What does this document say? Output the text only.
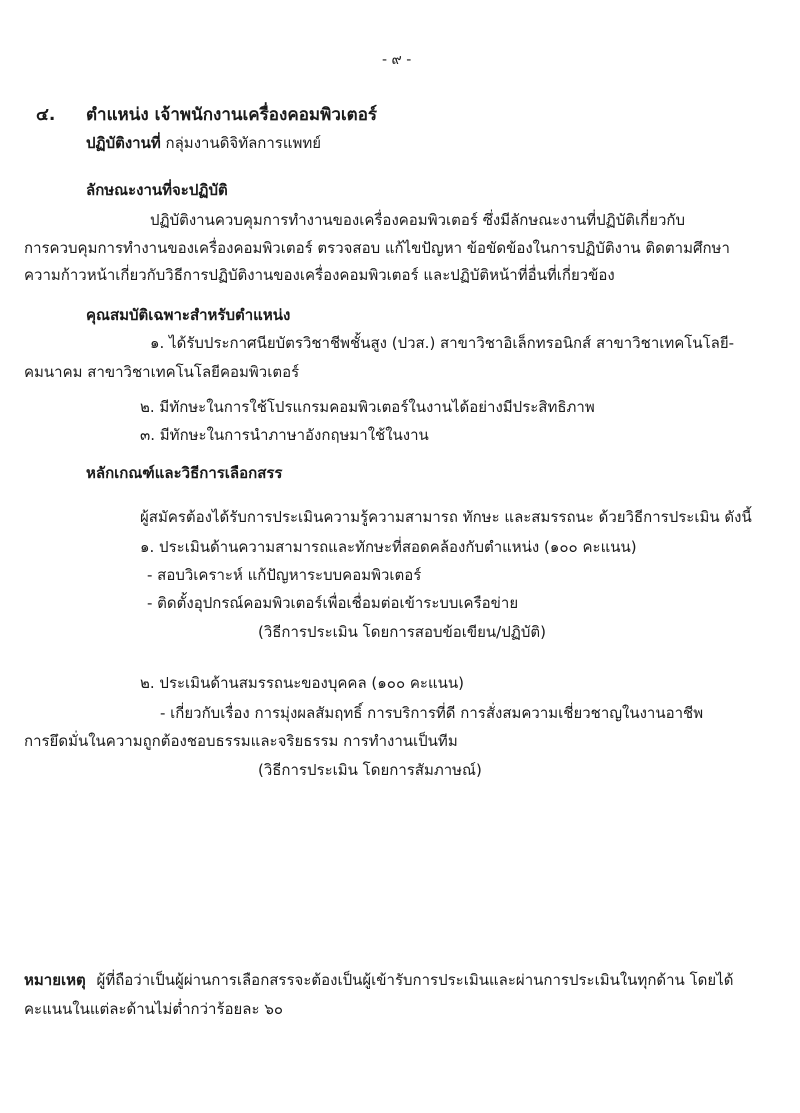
- ๙ -
๔. ตำแหน่ง เจ้าพนักงานเครื่องคอมพิวเตอร์
ปฏิบัติงานที่ กลุ่มงานดิจิทัลการแพทย์
ลักษณะงานที่จะปฏิบัติ
ปฏิบัติงานควบคุมการทำงานของเครื่องคอมพิวเตอร์ ซึ่งมีลักษณะงานที่ปฏิบัติเกี่ยวกับ
การควบคุมการทำงานของเครื่องคอมพิวเตอร์ ตรวจสอบ แก้ไขปัญหา ข้อขัดข้องในการปฏิบัติงาน ติดตามศึกษา
ความก้าวหน้าเกี่ยวกับวิธีการปฏิบัติงานของเครื่องคอมพิวเตอร์ และปฏิบัติหน้าที่อื่นที่เกี่ยวข้อง
คุณสมบัติเฉพาะสำหรับตำแหน่ง
๑. ได้รับประกาศนียบัตรวิชาชีพชั้นสูง (ปวส.) สาขาวิชาอิเล็กทรอนิกส์ สาขาวิชาเทคโนโลยี-
คมนาคม สาขาวิชาเทคโนโลยีคอมพิวเตอร์
๒. มีทักษะในการใช้โปรแกรมคอมพิวเตอร์ในงานได้อย่างมีประสิทธิภาพ
๓. มีทักษะในการนำภาษาอังกฤษมาใช้ในงาน
หลักเกณฑ์และวิธีการเลือกสรร
ผู้สมัครต้องได้รับการประเมินความรู้ความสามารถ ทักษะ และสมรรถนะ ด้วยวิธีการประเมิน ดังนี้
๑. ประเมินด้านความสามารถและทักษะที่สอดคล้องกับตำแหน่ง (๑๐๐ คะแนน)
- สอบวิเคราะห์ แก้ปัญหาระบบคอมพิวเตอร์
- ติดตั้งอุปกรณ์คอมพิวเตอร์เพื่อเชื่อมต่อเข้าระบบเครือข่าย
(วิธีการประเมิน โดยการสอบข้อเขียน/ปฏิบัติ)
๒. ประเมินด้านสมรรถนะของบุคคล (๑๐๐ คะแนน)
- เกี่ยวกับเรื่อง การมุ่งผลสัมฤทธิ์ การบริการที่ดี การสั่งสมความเชี่ยวชาญในงานอาชีพ
การยึดมั่นในความถูกต้องชอบธรรมและจริยธรรม การทำงานเป็นทีม
(วิธีการประเมิน โดยการสัมภาษณ์)
หมายเหตุ ผู้ที่ถือว่าเป็นผู้ผ่านการเลือกสรรจะต้องเป็นผู้เข้ารับการประเมินและผ่านการประเมินในทุกด้าน โดยได้
คะแนนในแต่ละด้านไม่ต่ำกว่าร้อยละ ๖๐
